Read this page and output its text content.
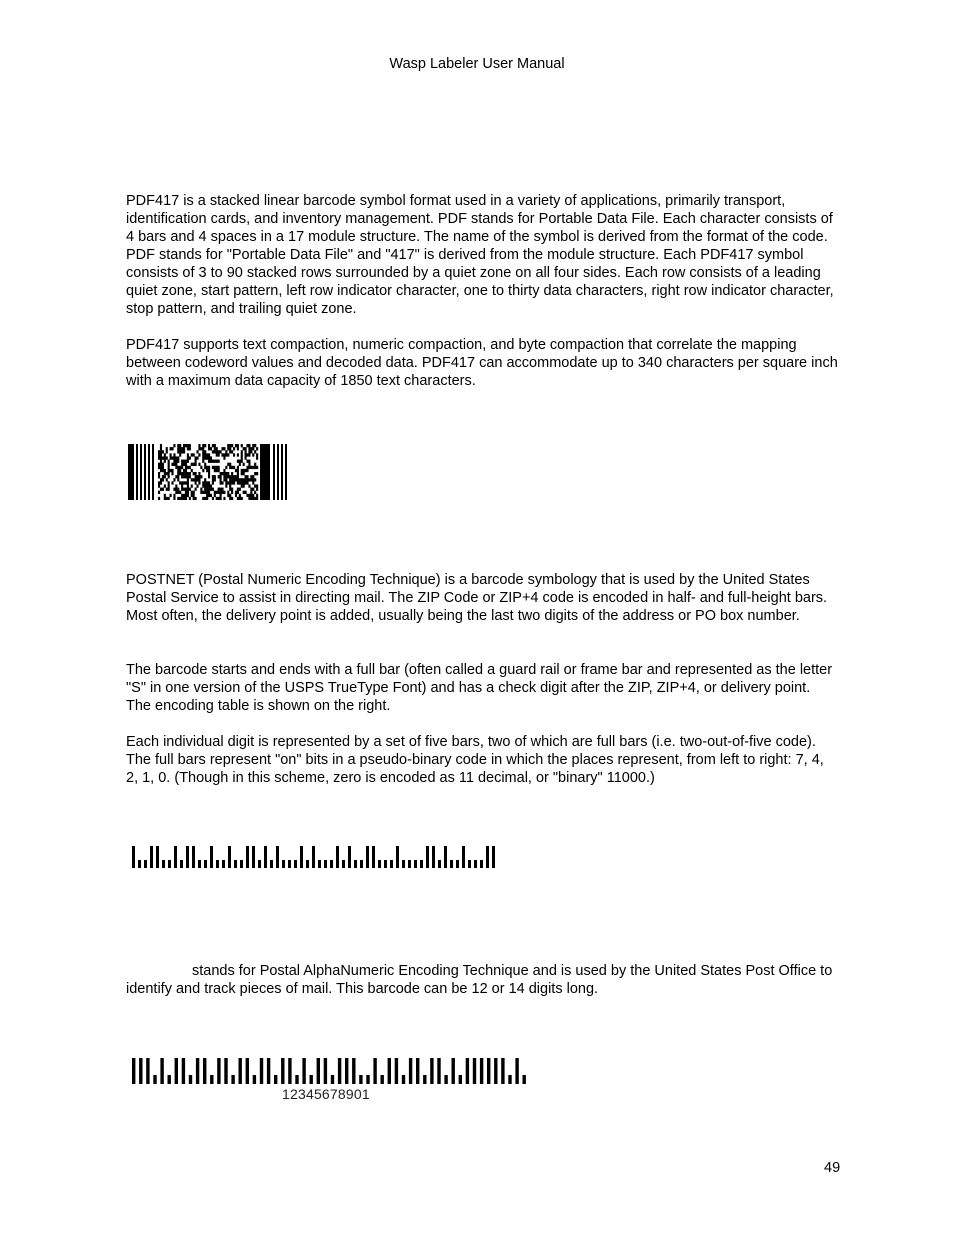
Wasp Labeler User Manual

PDF417 is a stacked linear barcode symbol format used in a variety of applications, primarily transport, identification cards, and inventory management. PDF stands for Portable Data File. Each character consists of 4 bars and 4 spaces in a 17 module structure. The name of the symbol is derived from the format of the code. PDF stands for "Portable Data File" and "417" is derived from the module structure. Each PDF417 symbol consists of 3 to 90 stacked rows surrounded by a quiet zone on all four sides. Each row consists of a leading quiet zone, start pattern, left row indicator character, one to thirty data characters, right row indicator character, stop pattern, and trailing quiet zone.

PDF417 supports text compaction, numeric compaction, and byte compaction that correlate the mapping between codeword values and decoded data. PDF417 can accommodate up to 340 characters per square inch with a maximum data capacity of 1850 text characters.

POSTNET (Postal Numeric Encoding Technique) is a barcode symbology that is used by the United States Postal Service to assist in directing mail. The ZIP Code or ZIP+4 code is encoded in half- and full-height bars. Most often, the delivery point is added, usually being the last two digits of the address or PO box number.

The barcode starts and ends with a full bar (often called a guard rail or frame bar and represented as the letter "S" in one version of the USPS TrueType Font) and has a check digit after the ZIP, ZIP+4, or delivery point. The encoding table is shown on the right.

Each individual digit is represented by a set of five bars, two of which are full bars (i.e. two-out-of-five code). The full bars represent "on" bits in a pseudo-binary code in which the places represent, from left to right: 7, 4, 2, 1, 0. (Though in this scheme, zero is encoded as 11 decimal, or "binary" 11000.)

stands for Postal AlphaNumeric Encoding Technique and is used by the United States Post Office to identify and track pieces of mail. This barcode can be 12 or 14 digits long.

12345678901
49
